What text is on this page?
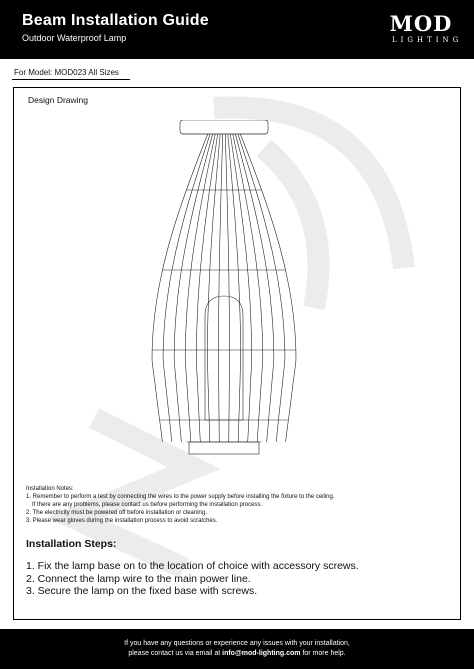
Beam Installation Guide
Outdoor Waterproof Lamp
MOD
LIGHTING
For Model: MOD023 All Sizes
Design Drawing
Installation Notes:
1. Remember to perform a test by connecting the wires to the power supply before installing the fixture to the ceiling.
If there are any problems, please contact us before performing the installation process.
2. The electricity must be powered off before installation or cleaning.
3. Please wear gloves during the installation process to avoid scratches.
Installation Steps:
1. Fix the lamp base on to the location of choice with accessory screws.
2. Connect the lamp wire to the main power line.
3. Secure the lamp on the fixed base with screws.
If you have any questions or experience any issues with your installation,
please contact us via email at info@mod-lighting.com for more help.
